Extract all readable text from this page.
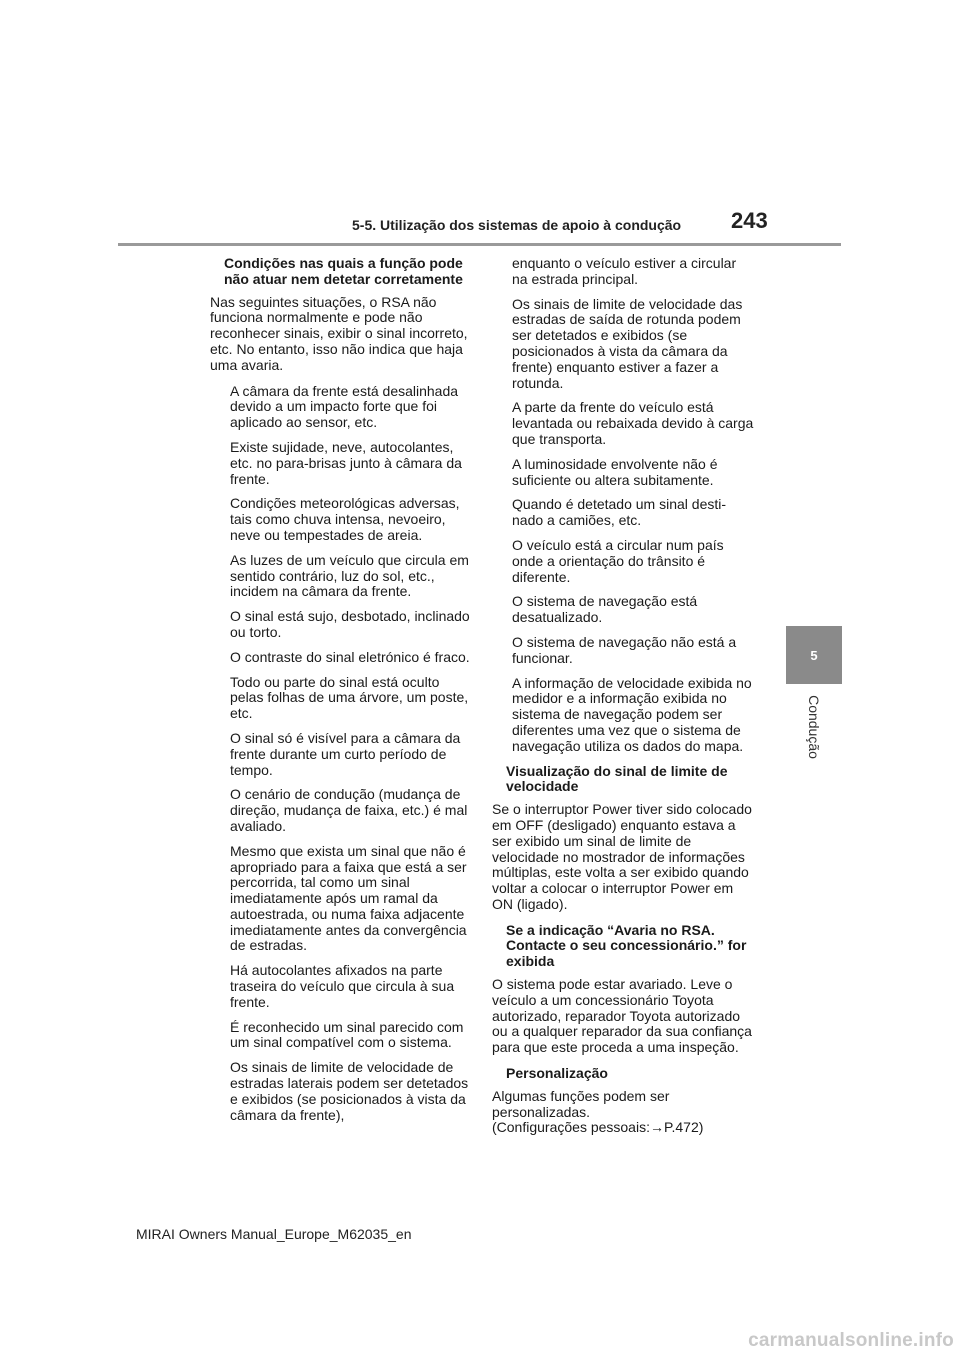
5-5. Utilização dos sistemas de apoio à condução 243
5
Condução
Condições nas quais a função pode não atuar nem detetar corretamente
Nas seguintes situações, o RSA não funciona normalmente e pode não reconhecer sinais, exibir o sinal incorreto, etc. No entanto, isso não indica que haja uma avaria.
A câmara da frente está desalinhada devido a um impacto forte que foi aplicado ao sensor, etc.
Existe sujidade, neve, autocolantes, etc. no para-brisas junto à câmara da frente.
Condições meteorológicas adversas, tais como chuva intensa, nevoeiro, neve ou tempestades de areia.
As luzes de um veículo que circula em sentido contrário, luz do sol, etc., incidem na câmara da frente.
O sinal está sujo, desbotado, inclinado ou torto.
O contraste do sinal eletrónico é fraco.
Todo ou parte do sinal está oculto pelas folhas de uma árvore, um poste, etc.
O sinal só é visível para a câmara da frente durante um curto período de tempo.
O cenário de condução (mudança de direção, mudança de faixa, etc.) é mal avaliado.
Mesmo que exista um sinal que não é apropriado para a faixa que está a ser percorrida, tal como um sinal imediatamente após um ramal da autoestrada, ou numa faixa adjacente imediatamente antes da convergência de estradas.
Há autocolantes afixados na parte traseira do veículo que circula à sua frente.
É reconhecido um sinal parecido com um sinal compatível com o sistema.
Os sinais de limite de velocidade de estradas laterais podem ser detetados e exibidos (se posicionados à vista da câmara da frente),
enquanto o veículo estiver a circular na estrada principal.
Os sinais de limite de velocidade das estradas de saída de rotunda podem ser detetados e exibidos (se posicionados à vista da câmara da frente) enquanto estiver a fazer a rotunda.
A parte da frente do veículo está levantada ou rebaixada devido à carga que transporta.
A luminosidade envolvente não é suficiente ou altera subitamente.
Quando é detetado um sinal desti-nado a camiões, etc.
O veículo está a circular num país onde a orientação do trânsito é diferente.
O sistema de navegação está desatualizado.
O sistema de navegação não está a funcionar.
A informação de velocidade exibida no medidor e a informação exibida no sistema de navegação podem ser diferentes uma vez que o sistema de navegação utiliza os dados do mapa.
Visualização do sinal de limite de velocidade
Se o interruptor Power tiver sido colocado em OFF (desligado) enquanto estava a ser exibido um sinal de limite de velocidade no mostrador de informações múltiplas, este volta a ser exibido quando voltar a colocar o interruptor Power em ON (ligado).
Se a indicação “Avaria no RSA. Contacte o seu concessionário.” for exibida
O sistema pode estar avariado. Leve o veículo a um concessionário Toyota autorizado, reparador Toyota autorizado ou a qualquer reparador da sua confiança para que este proceda a uma inspeção.
Personalização
Algumas funções podem ser personalizadas.
(Configurações pessoais:→P.472)
MIRAI Owners Manual_Europe_M62035_en
carmanualsonline.info
